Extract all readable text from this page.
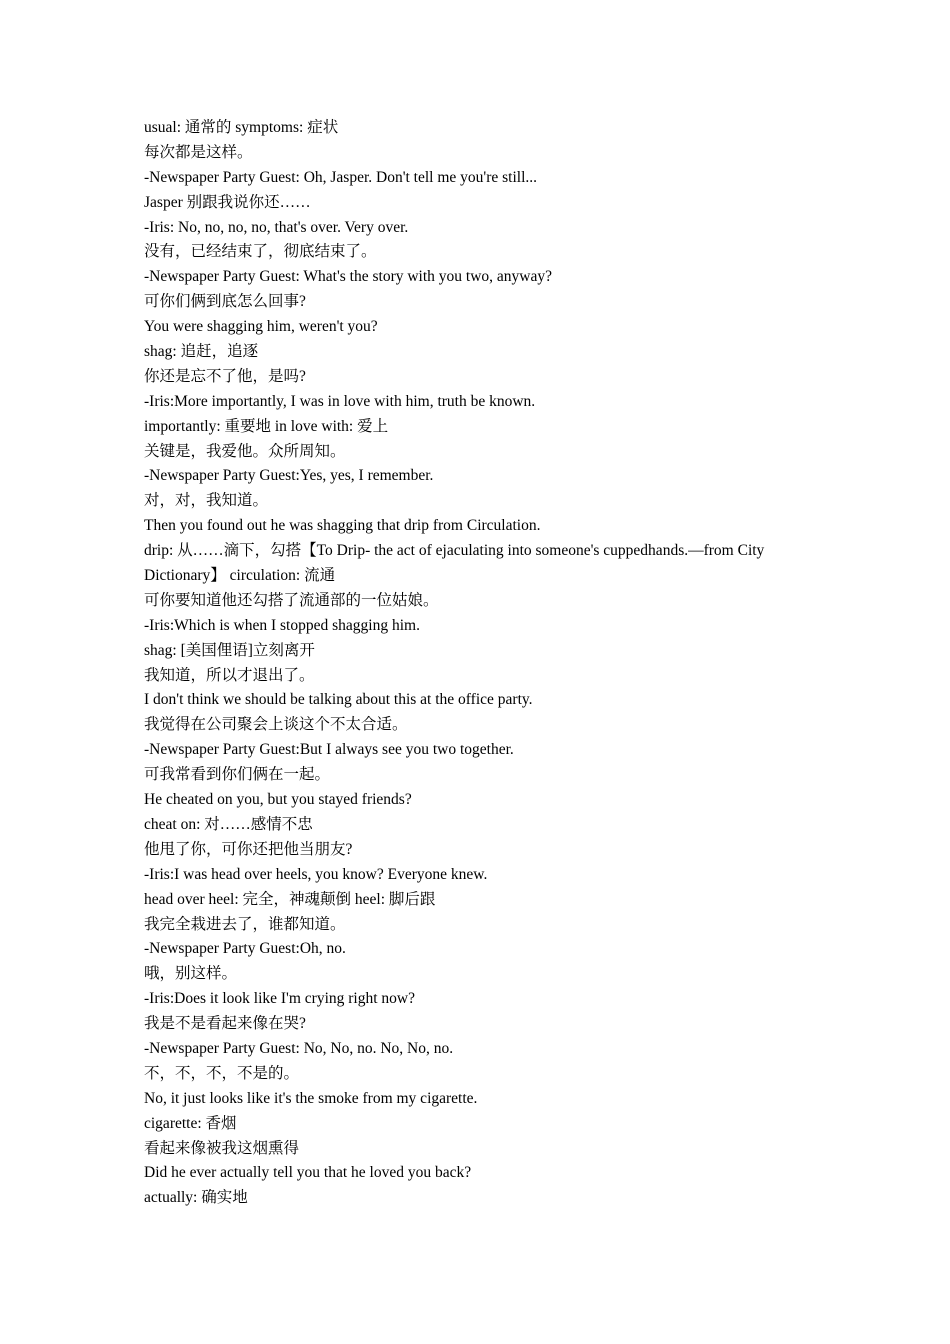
usual: 通常的 symptoms: 症状
每次都是这样。
-Newspaper Party Guest: Oh, Jasper. Don't tell me you're still...
Jasper 别跟我说你还……
-Iris: No, no, no, no, that's over. Very over.
没有，已经结束了，彻底结束了。
-Newspaper Party Guest: What's the story with you two, anyway?
可你们俩到底怎么回事?
You were shagging him, weren't you?
shag: 追赶，追逐
你还是忘不了他，是吗?
-Iris:More importantly, I was in love with him, truth be known.
importantly: 重要地 in love with: 爱上
关键是，我爱他。众所周知。
-Newspaper Party Guest:Yes, yes, I remember.
对，对，我知道。
Then you found out he was shagging that drip from Circulation.
drip: 从……滴下，勾搭【To Drip- the act of ejaculating into someone's cuppedhands.—from City
Dictionary】 circulation: 流通
可你要知道他还勾搭了流通部的一位姑娘。
-Iris:Which is when I stopped shagging him.
shag: [美国俚语]立刻离开
我知道，所以才退出了。
I don't think we should be talking about this at the office party.
我觉得在公司聚会上谈这个不太合适。
-Newspaper Party Guest:But I always see you two together.
可我常看到你们俩在一起。
He cheated on you, but you stayed friends?
cheat on: 对……感情不忠
他甩了你，可你还把他当朋友?
-Iris:I was head over heels, you know? Everyone knew.
head over heel: 完全，神魂颠倒 heel: 脚后跟
我完全栽进去了，谁都知道。
-Newspaper Party Guest:Oh, no.
哦，别这样。
-Iris:Does it look like I'm crying right now?
我是不是看起来像在哭?
-Newspaper Party Guest: No, No, no. No, No, no.
不，不，不，不是的。
No, it just looks like it's the smoke from my cigarette.
cigarette: 香烟
看起来像被我这烟熏得
Did he ever actually tell you that he loved you back?
actually: 确实地
